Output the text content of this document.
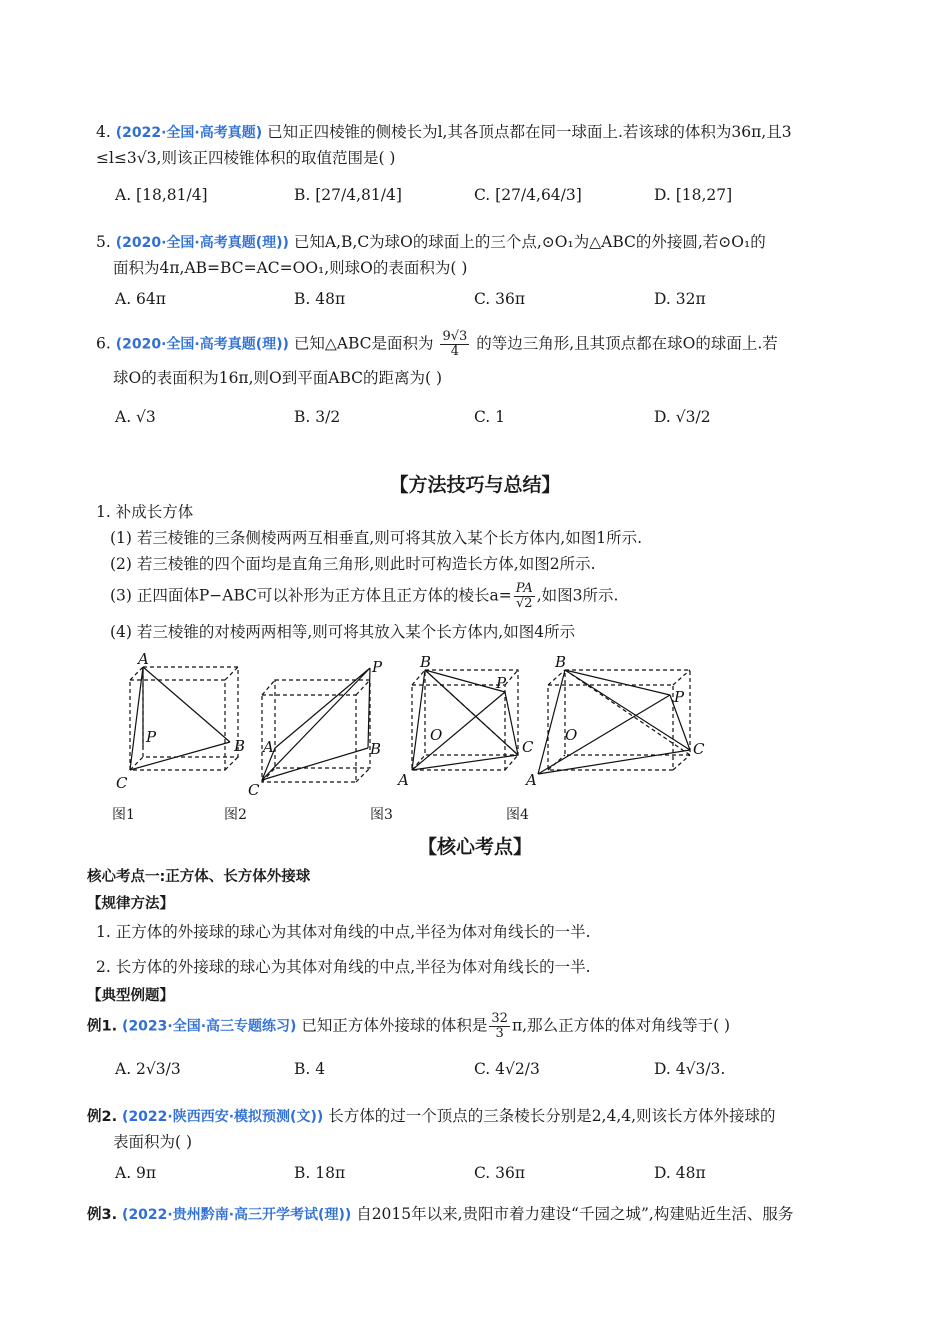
4. (2022·全国·高考真题) 已知正四棱锥的侧棱长为l,其各顶点都在同一球面上.若该球的体积为36π,且3
≤l≤3√3,则该正四棱锥体积的取值范围是( )
A. [18,81/4]	B. [27/4,81/4]	C. [27/4,64/3]	D. [18,27]
5. (2020·全国·高考真题(理)) 已知A,B,C为球O的球面上的三个点,⊙O₁为△ABC的外接圆,若⊙O₁的
面积为4π,AB=BC=AC=OO₁,则球O的表面积为( )
A. 64π	B. 48π	C. 36π	D. 32π
6. (2020·全国·高考真题(理)) 已知△ABC是面积为 $\frac{9√3}{4}$ 的等边三角形,且其顶点都在球O的球面上.若
球O的表面积为16π,则O到平面ABC的距离为( )
A. √3	B. 3/2	C. 1	D. √3/2
【方法技巧与总结】
1. 补成长方体
(1) 若三棱锥的三条侧棱两两互相垂直,则可将其放入某个长方体内,如图1所示.
(2) 若三棱锥的四个面均是直角三角形,则此时可构造长方体,如图2所示.
(3) 正四面体P−ABC可以补形为正方体且正方体的棱长$a= \frac{PA}{√2}$ ,如图3所示.
(4) 若三棱锥的对棱两两相等,则可将其放入某个长方体内,如图4所示
A
P	B
C
P
A	B
C
B
P
O
C
A
B
P
O
C
A
图1	图2	图3	图4
【核心考点】
核心考点一:正方体、长方体外接球
【规律方法】
1. 正方体的外接球的球心为其体对角线的中点,半径为体对角线长的一半.
2. 长方体的外接球的球心为其体对角线的中点,半径为体对角线长的一半.
【典型例题】
例1. (2023·全国·高三专题练习) 已知正方体外接球的体积是 $\frac{32}{3} \pi$,那么正方体的体对角线等于( )
A. 2√3/3	B. 4	C. 4√2/3	D. 4√3/3.
例2. (2022·陕西西安·模拟预测(文)) 长方体的过一个顶点的三条棱长分别是2,4,4,则该长方体外接球的
表面积为( )
A. 9π	B. 18π	C. 36π	D. 48π
例3. (2022·贵州黔南·高三开学考试(理)) 自2015年以来,贵阳市着力建设“千园之城”,构建贴近生活、服务
